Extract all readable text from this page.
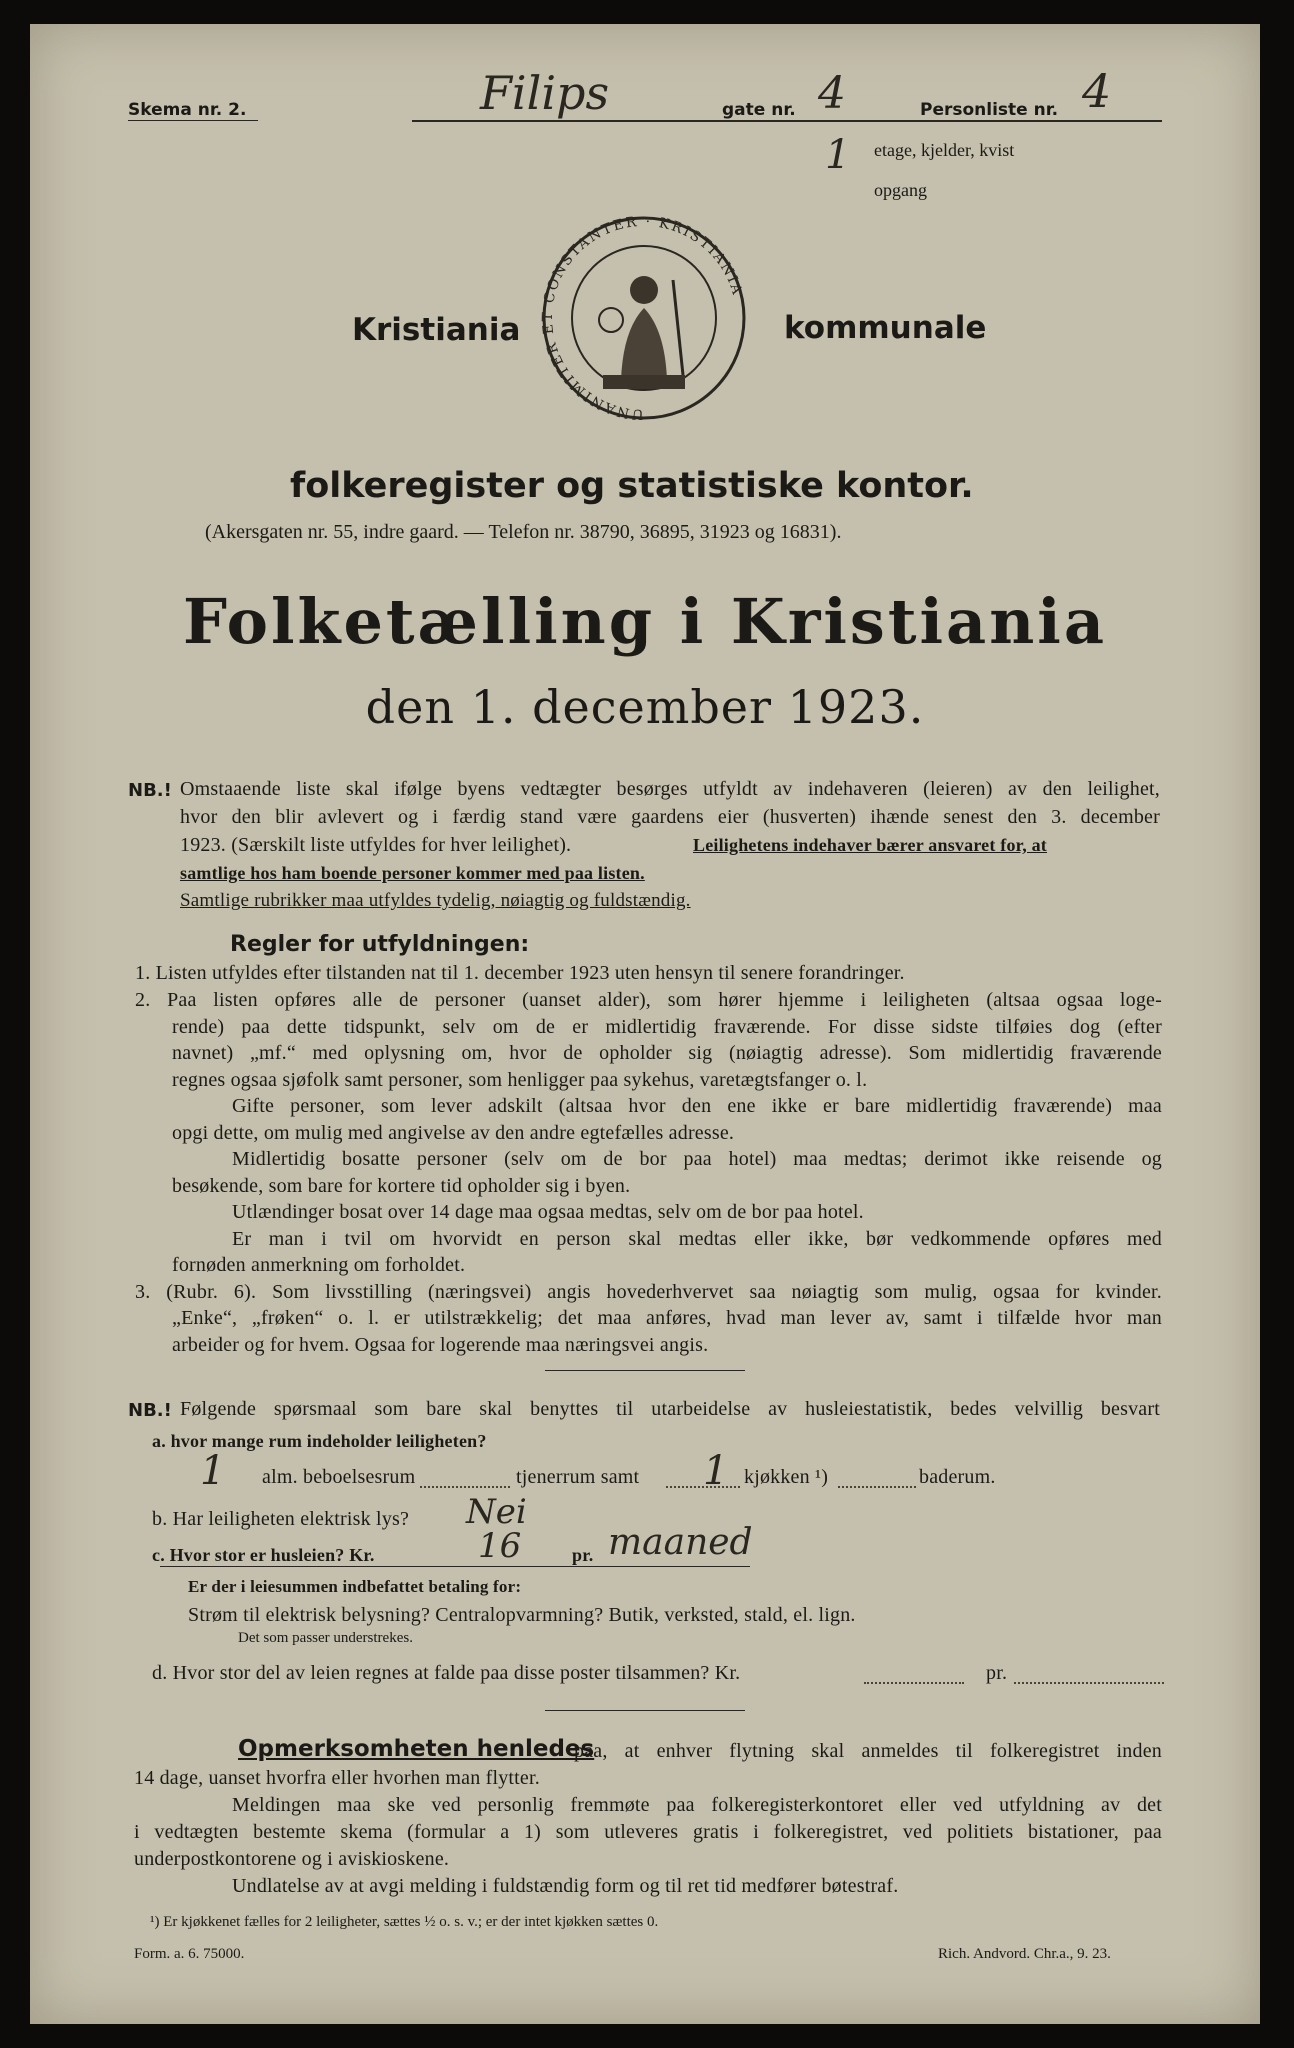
Skema nr. 2.	Filips	gate nr. 4	Personliste nr. 4
1 etage, kjelder, kvist
opgang
UNANIMITER ET CONSTANTER · KRISTIANIA
Kristiania	kommunale
folkeregister og statistiske kontor.
(Akersgaten nr. 55, indre gaard. — Telefon nr. 38790, 36895, 31923 og 16831).
Folketælling i Kristiania
den 1. december 1923.
NB.! Omstaaende liste skal ifølge byens vedtægter besørges utfyldt av indehaveren (leieren) av den leilighet,
hvor den blir avlevert og i færdig stand være gaardens eier (husverten) ihænde senest den 3. december
1923. (Særskilt liste utfyldes for hver leilighet).	Leilighetens indehaver bærer ansvaret for, at
samtlige hos ham boende personer kommer med paa listen.
Samtlige rubrikker maa utfyldes tydelig, nøiagtig og fuldstændig.
Regler for utfyldningen:
1. Listen utfyldes efter tilstanden nat til 1. december 1923 uten hensyn til senere forandringer.
2. Paa listen opføres alle de personer (uanset alder), som hører hjemme i leiligheten (altsaa ogsaa loge-
rende) paa dette tidspunkt, selv om de er midlertidig fraværende. For disse sidste tilføies dog (efter
navnet) „mf.“ med oplysning om, hvor de opholder sig (nøiagtig adresse). Som midlertidig fraværende
regnes ogsaa sjøfolk samt personer, som henligger paa sykehus, varetægtsfanger o. l.
Gifte personer, som lever adskilt (altsaa hvor den ene ikke er bare midlertidig fraværende) maa
opgi dette, om mulig med angivelse av den andre egtefælles adresse.
Midlertidig bosatte personer (selv om de bor paa hotel) maa medtas; derimot ikke reisende og
besøkende, som bare for kortere tid opholder sig i byen.
Utlændinger bosat over 14 dage maa ogsaa medtas, selv om de bor paa hotel.
Er man i tvil om hvorvidt en person skal medtas eller ikke, bør vedkommende opføres med
fornøden anmerkning om forholdet.
3. (Rubr. 6). Som livsstilling (næringsvei) angis hovederhvervet saa nøiagtig som mulig, ogsaa for kvinder.
„Enke“, „frøken“ o. l. er utilstrækkelig; det maa anføres, hvad man lever av, samt i tilfælde hvor man
arbeider og for hvem. Ogsaa for logerende maa næringsvei angis.
NB.! Følgende spørsmaal som bare skal benyttes til utarbeidelse av husleiestatistik, bedes velvillig besvart
a. hvor mange rum indeholder leiligheten?
1 alm. beboelsesrum	tjenerrum samt 1 kjøkken ¹)	baderum.
b. Har leiligheten elektrisk lys? Nei
c. Hvor stor er husleien? Kr.	16	pr. maaned
Er der i leiesummen indbefattet betaling for:
Strøm til elektrisk belysning? Centralopvarmning? Butik, verksted, stald, el. lign.
Det som passer understrekes.
d. Hvor stor del av leien regnes at falde paa disse poster tilsammen? Kr.	pr.
Opmerksomheten henledes
paa, at enhver flytning skal anmeldes til folkeregistret inden
14 dage, uanset hvorfra eller hvorhen man flytter.
Meldingen maa ske ved personlig fremmøte paa folkeregisterkontoret eller ved utfyldning av det
i vedtægten bestemte skema (formular a 1) som utleveres gratis i folkeregistret, ved politiets bistationer, paa
underpostkontorene og i aviskioskene.
Undlatelse av at avgi melding i fuldstændig form og til ret tid medfører bøtestraf.
¹) Er kjøkkenet fælles for 2 leiligheter, sættes ½ o. s. v.; er der intet kjøkken sættes 0.
Form. a. 6. 75000.	Rich. Andvord. Chr.a., 9. 23.
